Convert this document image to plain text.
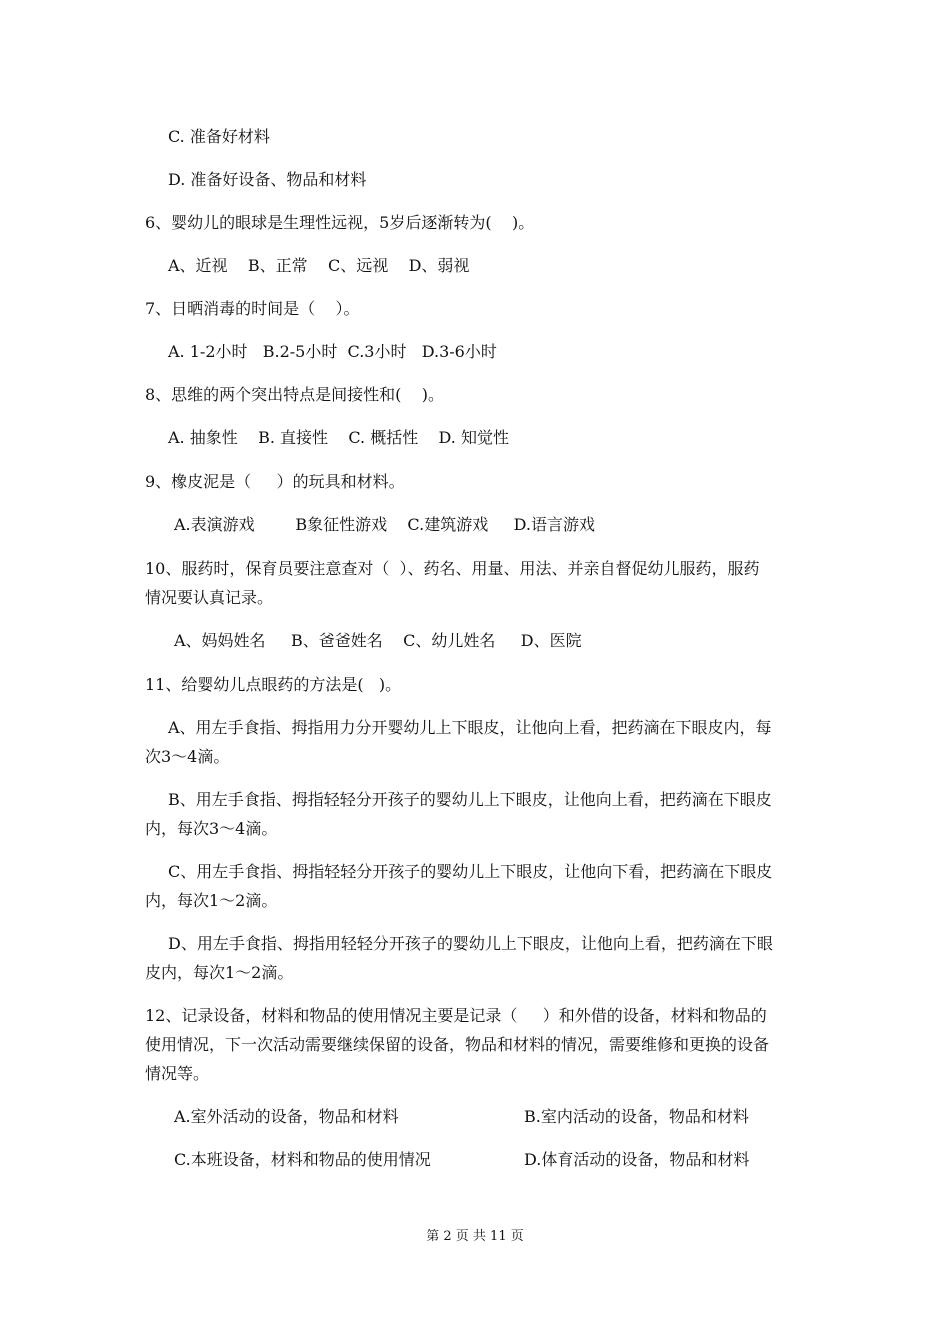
C. 准备好材料

D. 准备好设备、物品和材料

6、婴幼儿的眼球是生理性远视，5岁后逐渐转为(    )。

A、近视    B、正常    C、远视    D、弱视

7、日晒消毒的时间是（    ）。

A. 1-2小时   B.2-5小时  C.3小时   D.3-6小时

8、思维的两个突出特点是间接性和(    )。

A. 抽象性    B. 直接性    C. 概括性    D. 知觉性

9、橡皮泥是（     ）的玩具和材料。

A.表演游戏        B象征性游戏    C.建筑游戏     D.语言游戏

10、服药时，保育员要注意查对（  ）、药名、用量、用法、并亲自督促幼儿服药，服药

情况要认真记录。

A、妈妈姓名     B、爸爸姓名    C、幼儿姓名     D、医院

11、给婴幼儿点眼药的方法是(   )。

A、用左手食指、拇指用力分开婴幼儿上下眼皮，让他向上看，把药滴在下眼皮内，每

次3～4滴。

B、用左手食指、拇指轻轻分开孩子的婴幼儿上下眼皮，让他向上看，把药滴在下眼皮

内，每次3～4滴。

C、用左手食指、拇指轻轻分开孩子的婴幼儿上下眼皮，让他向下看，把药滴在下眼皮

内，每次1～2滴。

D、用左手食指、拇指用轻轻分开孩子的婴幼儿上下眼皮，让他向上看，把药滴在下眼

皮内，每次1～2滴。

12、记录设备，材料和物品的使用情况主要是记录（     ）和外借的设备，材料和物品的

使用情况，下一次活动需要继续保留的设备，物品和材料的情况，需要维修和更换的设备

情况等。

A.室外活动的设备，物品和材料	B.室内活动的设备，物品和材料

C.本班设备，材料和物品的使用情况	D.体育活动的设备，物品和材料

第 2 页 共 11 页
